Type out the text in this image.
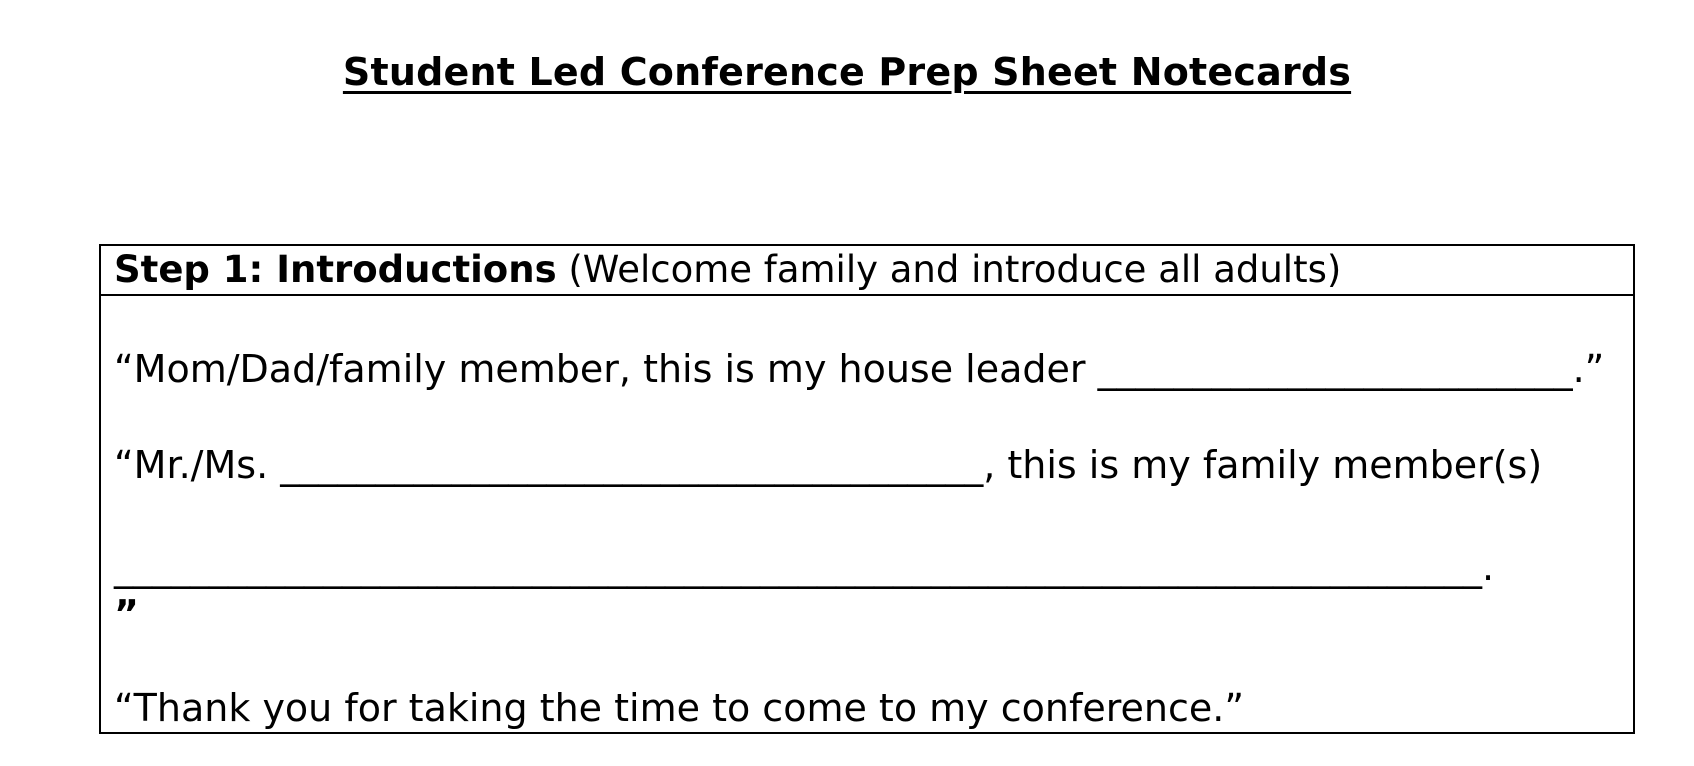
Student Led Conference Prep Sheet Notecards
Step 1: Introductions (Welcome family and introduce all adults)
“Mom/Dad/family member, this is my house leader _________________________.”
“Mr./Ms. _____________________________________, this is my family member(s)
________________________________________________________________________.
”
“Thank you for taking the time to come to my conference.”
